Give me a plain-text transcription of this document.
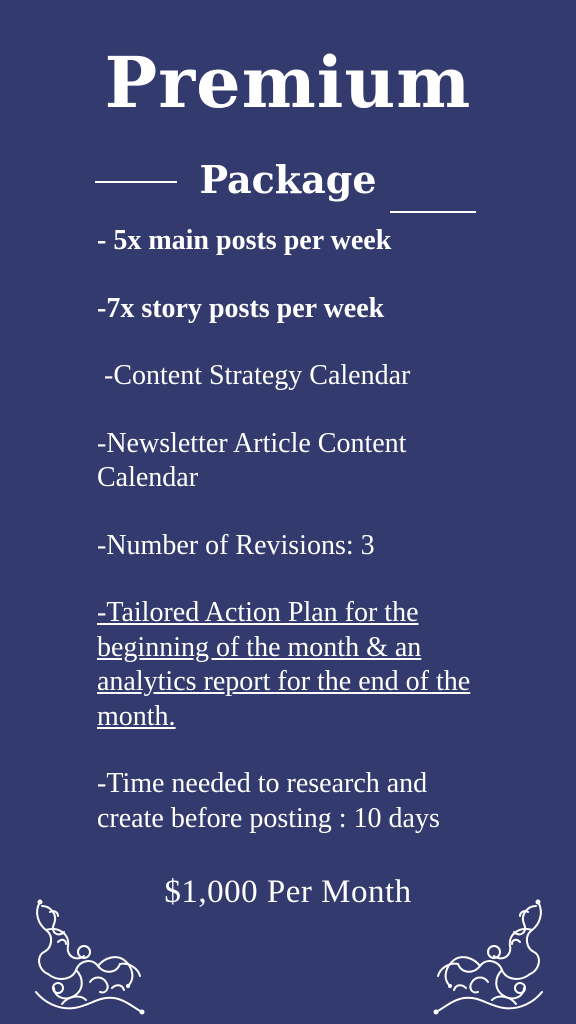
Premium
Package

- 5x main posts per week

-7x story posts per week

-Content Strategy Calendar

-Newsletter Article Content Calendar

-Number of Revisions: 3

-Tailored Action Plan for the beginning of the month & an analytics report for the end of the month.

-Time needed to research and create before posting : 10 days

$1,000 Per Month
